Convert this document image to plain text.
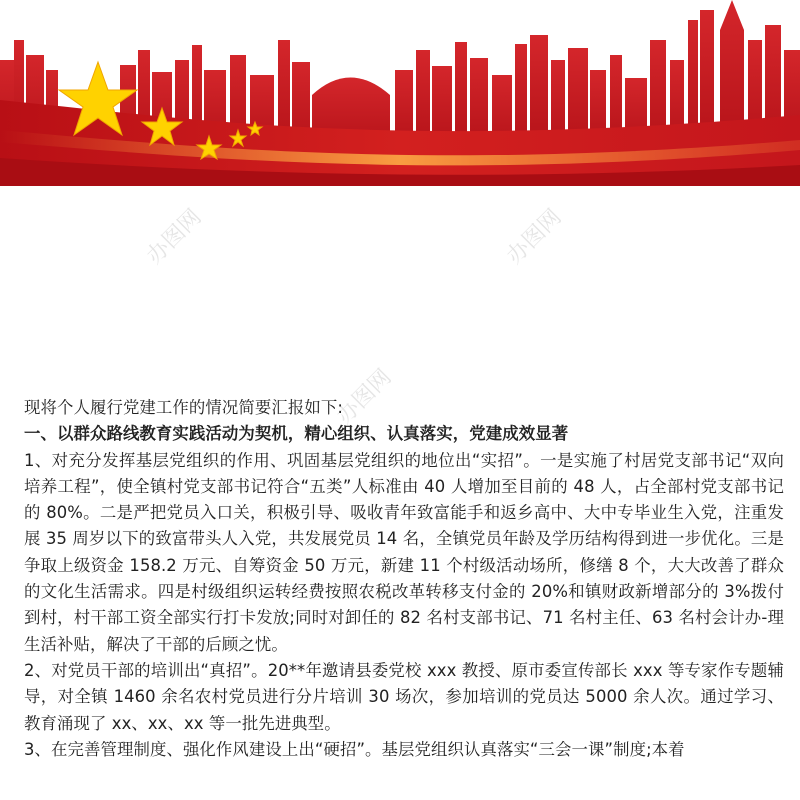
办图网	办图网
办图网

现将个人履行党建工作的情况简要汇报如下:

一、以群众路线教育实践活动为契机，精心组织、认真落实，党建成效显著

1、对充分发挥基层党组织的作用、巩固基层党组织的地位出“实招”。一是实施了村居党支部书记“双向培养工程”，使全镇村党支部书记符合“五类”人标准由 40 人增加至目前的 48 人，占全部村党支部书记的 80%。二是严把党员入口关，积极引导、吸收青年致富能手和返乡高中、大中专毕业生入党，注重发展 35 周岁以下的致富带头人入党，共发展党员 14 名，全镇党员年龄及学历结构得到进一步优化。三是争取上级资金 158.2 万元、自筹资金 50 万元，新建 11 个村级活动场所，修缮 8 个，大大改善了群众的文化生活需求。四是村级组织运转经费按照农税改革转移支付金的 20%和镇财政新增部分的 3%拨付到村，村干部工资全部实行打卡发放;同时对卸任的 82 名村支部书记、71 名村主任、63 名村会计办-理生活补贴，解决了干部的后顾之忧。

2、对党员干部的培训出“真招”。20**年邀请县委党校 xxx 教授、原市委宣传部长 xxx 等专家作专题辅导，对全镇 1460 余名农村党员进行分片培训 30 场次，参加培训的党员达 5000 余人次。通过学习、教育涌现了 xx、xx、xx 等一批先进典型。

3、在完善管理制度、强化作风建设上出“硬招”。基层党组织认真落实“三会一课”制度;本着
